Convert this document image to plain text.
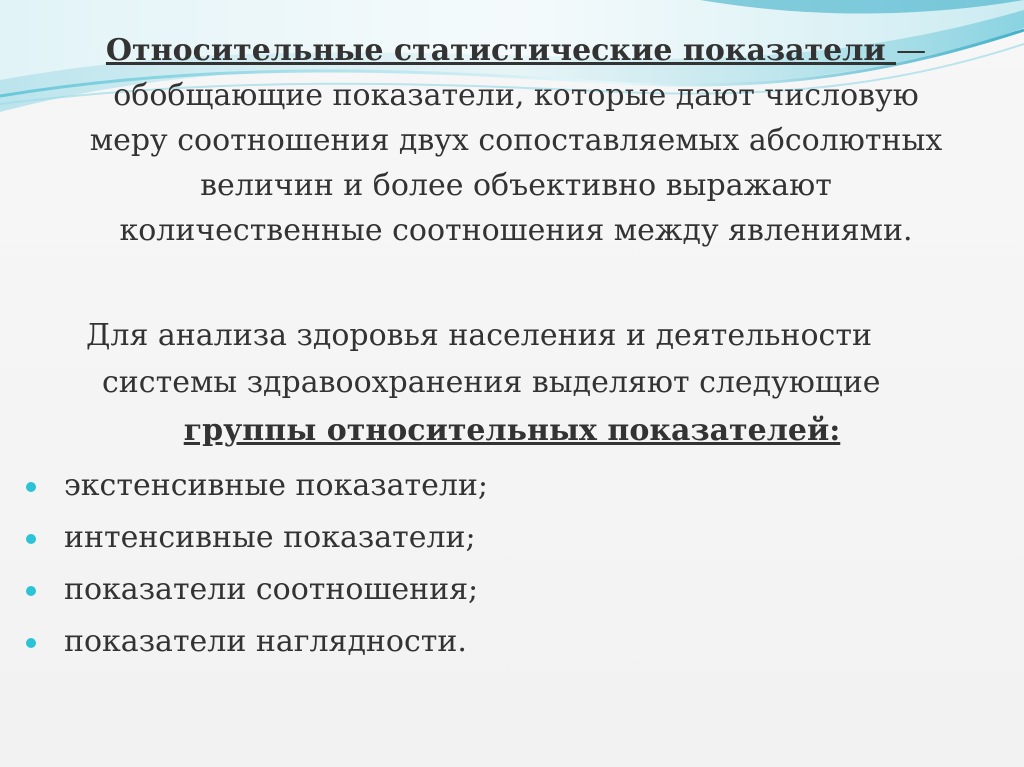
Относительные статистические показатели —
обобщающие показатели, которые дают числовую
меру соотношения двух сопоставляемых абсолютных
величин и более объективно выражают
количественные соотношения между явлениями.
Для анализа здоровья населения и деятельности
системы здравоохранения выделяют следующие
группы относительных показателей:
экстенсивные показатели;
интенсивные показатели;
показатели соотношения;
показатели наглядности.
